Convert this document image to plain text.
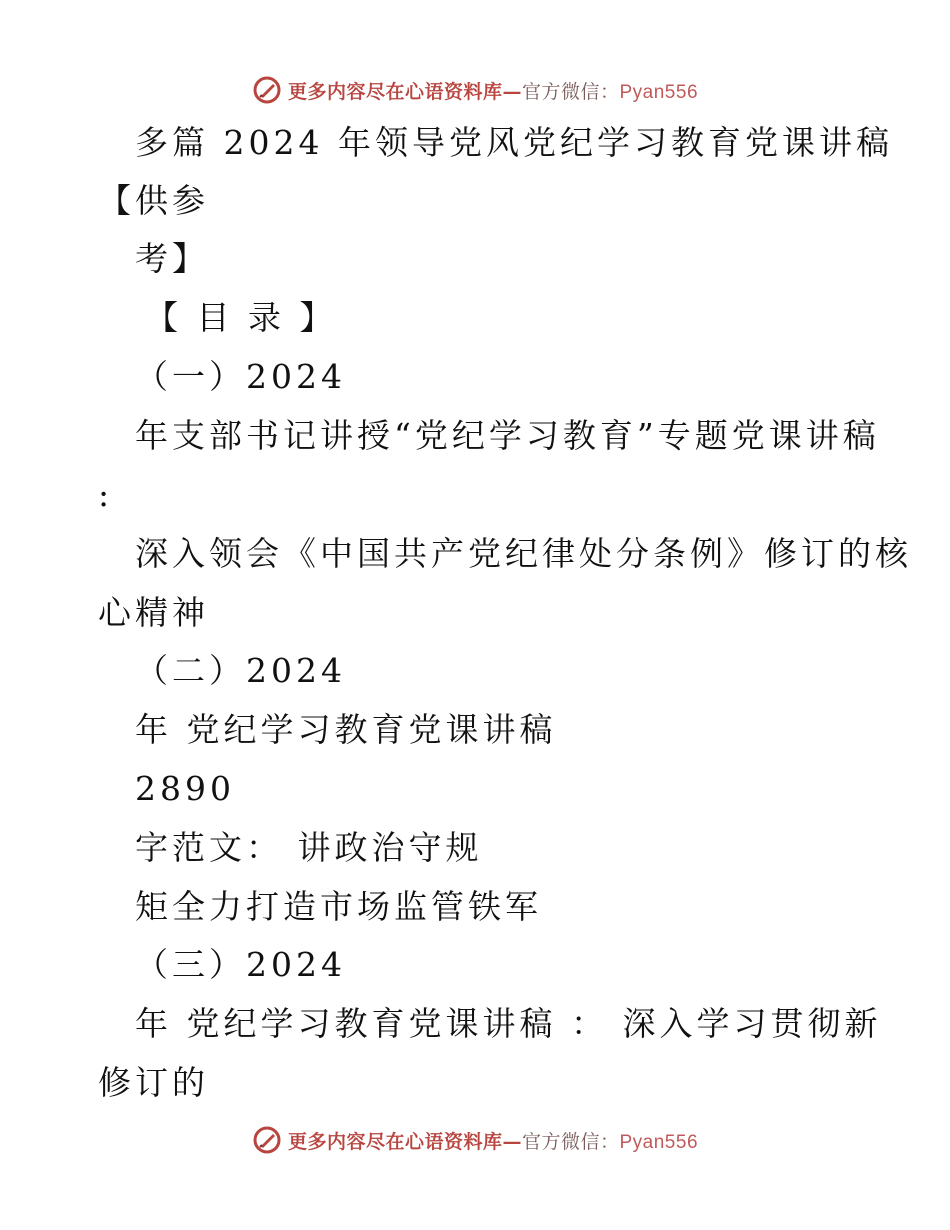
更多内容尽在心语资料库—官方微信：Pyan556
多篇 2024 年领导党风党纪学习教育党课讲稿
【供参
考】
【 目 录 】
（一）2024
年支部书记讲授“党纪学习教育”专题党课讲稿
:
深入领会《中国共产党纪律处分条例》修订的核
心精神
（二）2024
年 党纪学习教育党课讲稿
2890
字范文： 讲政治守规
矩全力打造市场监管铁军
（三）2024
年 党纪学习教育党课讲稿 ： 深入学习贯彻新
修订的
更多内容尽在心语资料库—官方微信：Pyan556
